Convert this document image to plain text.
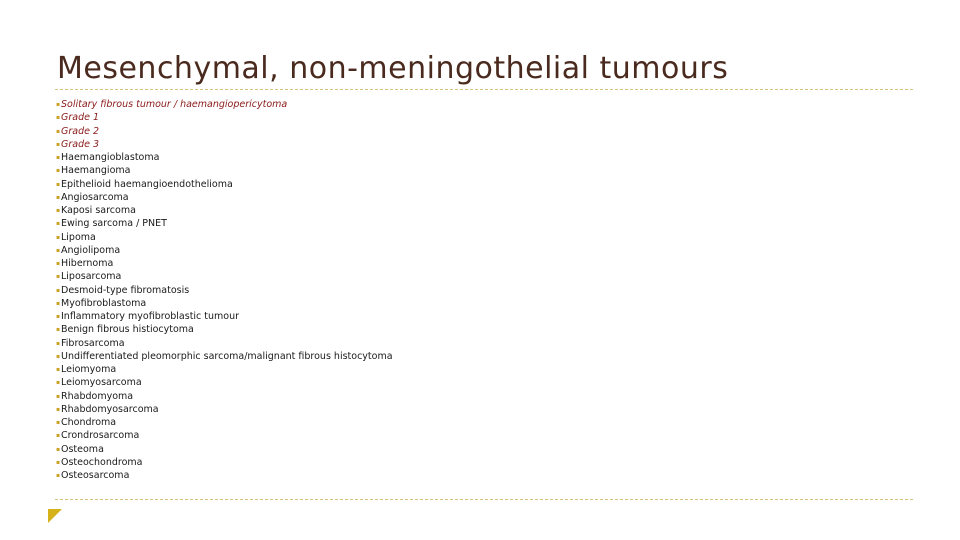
Mesenchymal, non-meningothelial tumours
▪ Solitary fibrous tumour / haemangiopericytoma
▪ Grade 1
▪ Grade 2
▪ Grade 3
▪ Haemangioblastoma
▪ Haemangioma
▪ Epithelioid haemangioendothelioma
▪ Angiosarcoma
▪ Kaposi sarcoma
▪ Ewing sarcoma / PNET
▪ Lipoma
▪ Angiolipoma
▪ Hibernoma
▪ Liposarcoma
▪ Desmoid-type fibromatosis
▪ Myofibroblastoma
▪ Inflammatory myofibroblastic tumour
▪ Benign fibrous histiocytoma
▪ Fibrosarcoma
▪ Undifferentiated pleomorphic sarcoma/malignant fibrous histocytoma
▪ Leiomyoma
▪ Leiomyosarcoma
▪ Rhabdomyoma
▪ Rhabdomyosarcoma
▪ Chondroma
▪ Crondrosarcoma
▪ Osteoma
▪ Osteochondroma
▪ Osteosarcoma
